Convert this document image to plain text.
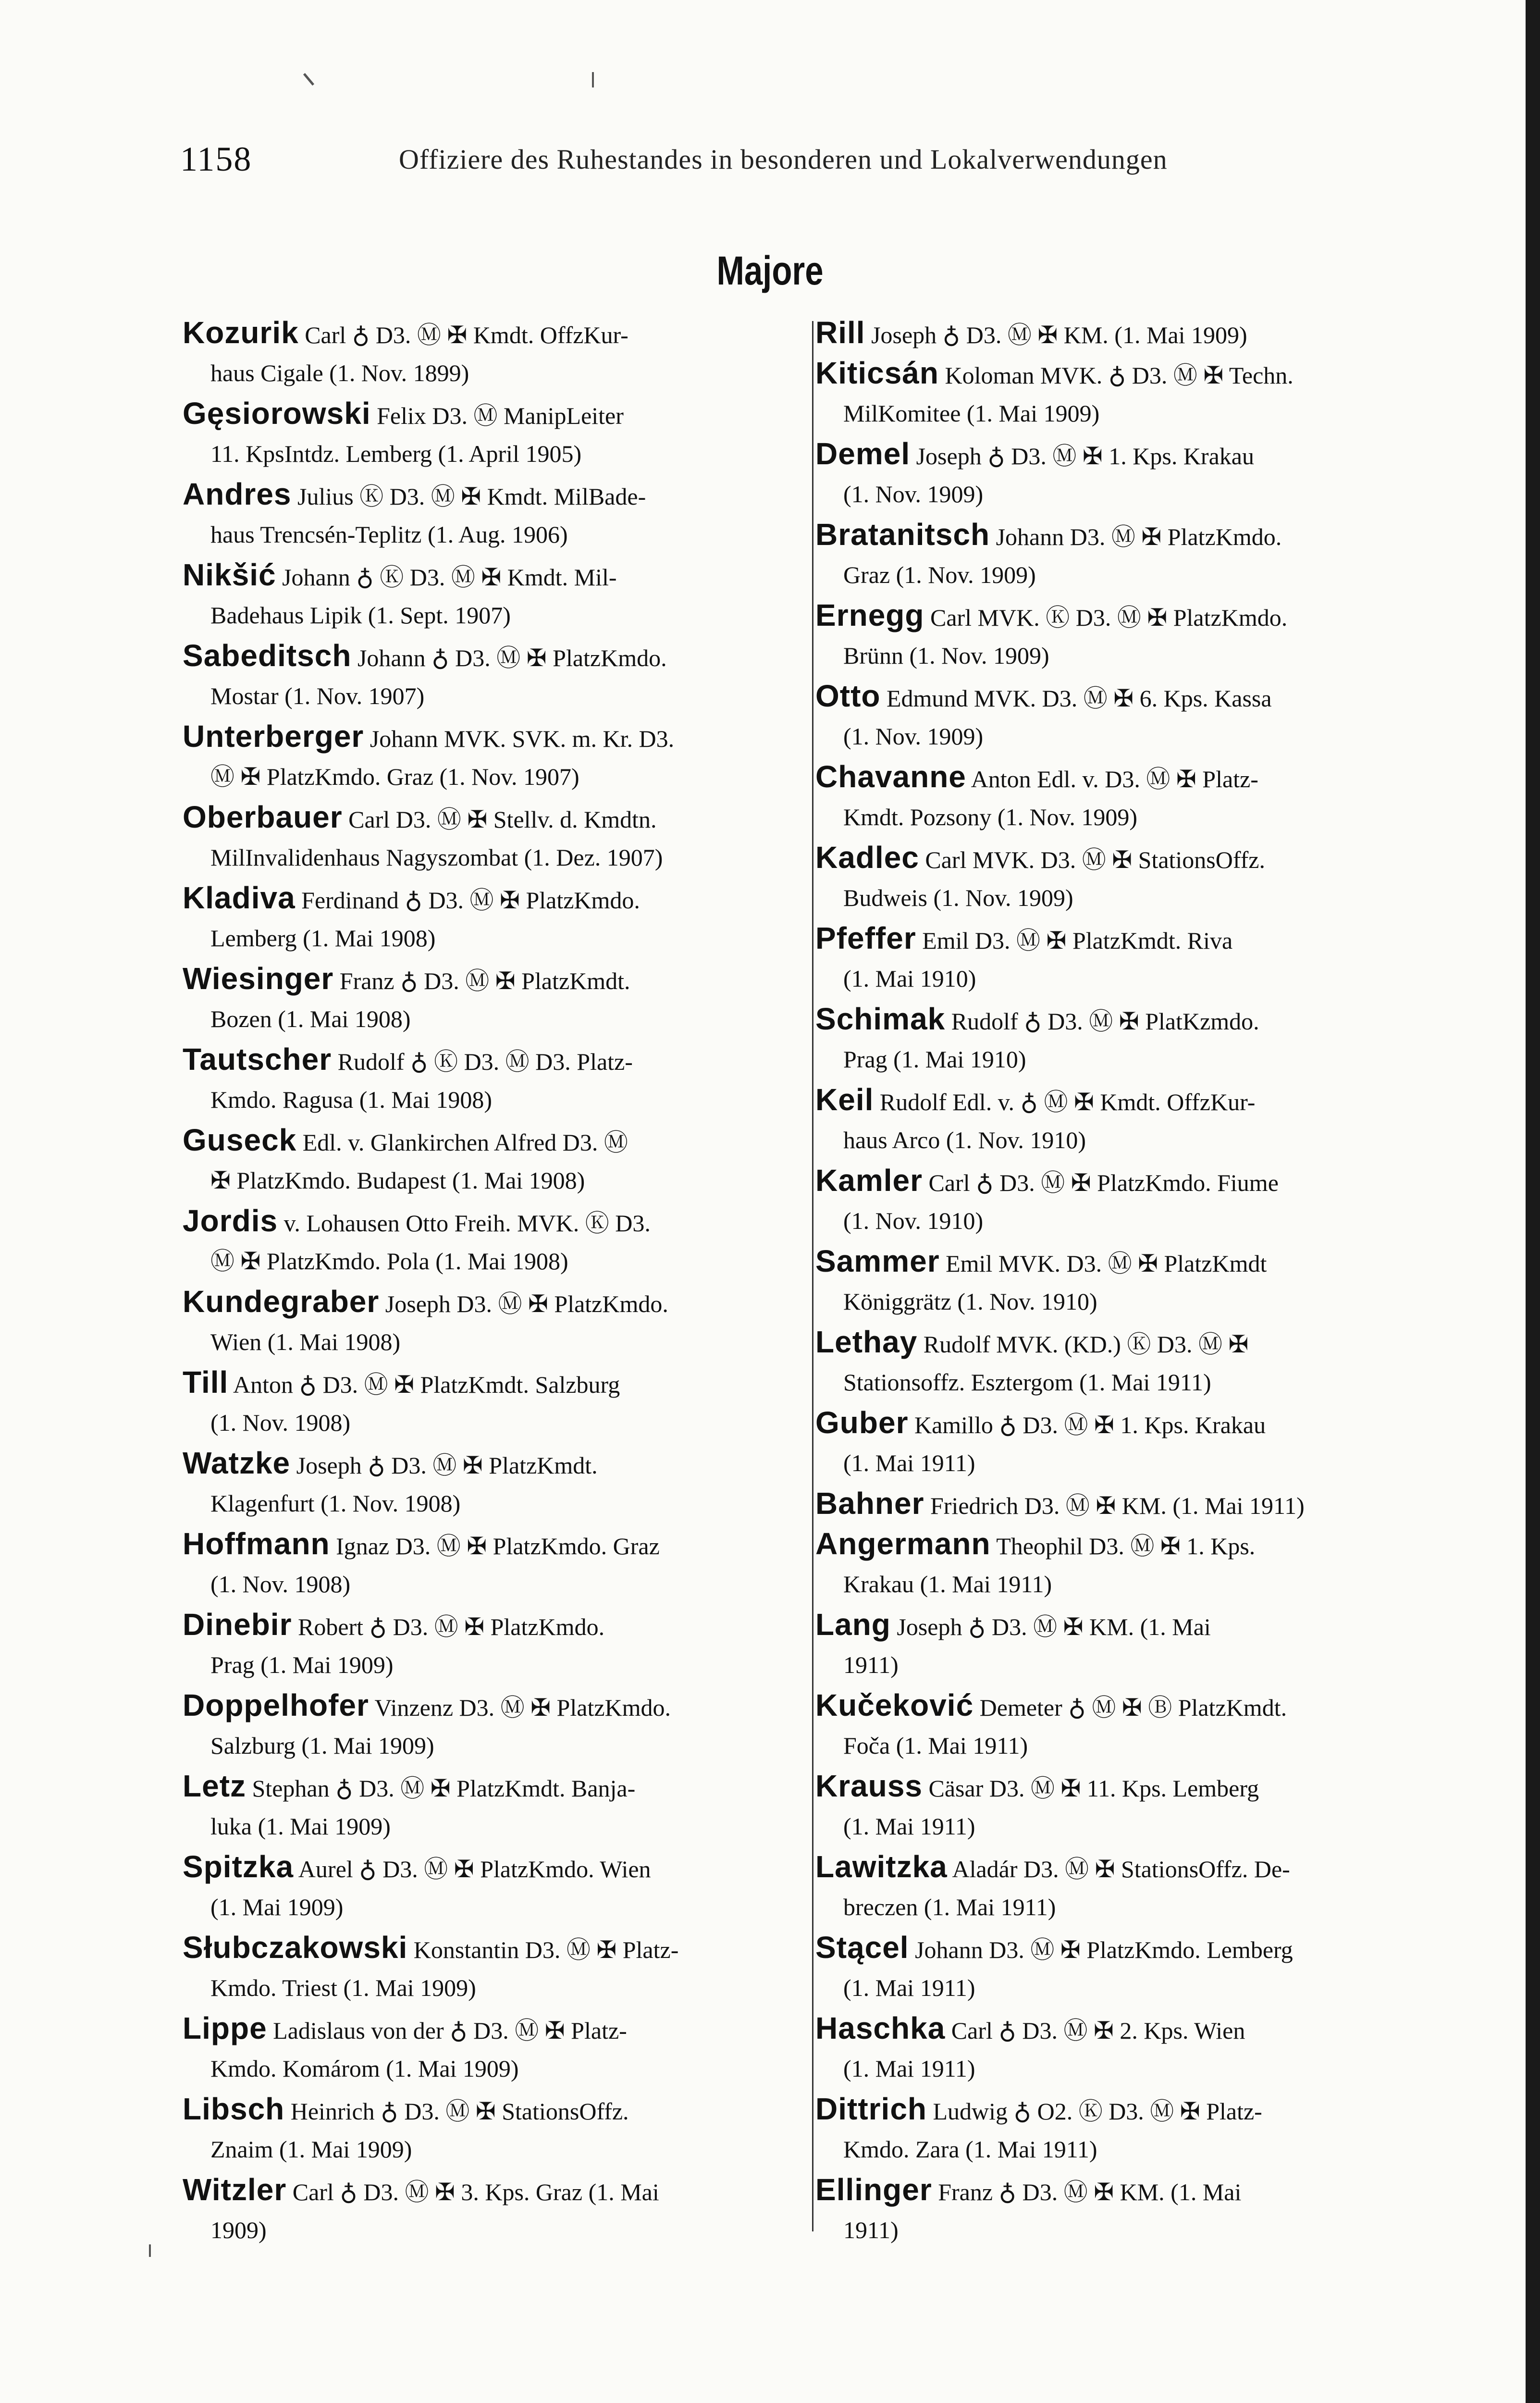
1158	Offiziere des Ruhestandes in besonderen und Lokalverwendungen
Majore
Kozurik Carl ♁ D3. Ⓜ ✠ Kmdt. OffzKur-
haus Cigale (1. Nov. 1899)
Gęsiorowski Felix D3. Ⓜ ManipLeiter
11. KpsIntdz. Lemberg (1. April 1905)
Andres Julius Ⓚ D3. Ⓜ ✠ Kmdt. MilBade-
haus Trencsén-Teplitz (1. Aug. 1906)
Nikšić Johann ♁ Ⓚ D3. Ⓜ ✠ Kmdt. Mil-
Badehaus Lipik (1. Sept. 1907)
Sabeditsch Johann ♁ D3. Ⓜ ✠ PlatzKmdo.
Mostar (1. Nov. 1907)
Unterberger Johann MVK. SVK. m. Kr. D3.
Ⓜ ✠ PlatzKmdo. Graz (1. Nov. 1907)
Oberbauer Carl D3. Ⓜ ✠ Stellv. d. Kmdtn.
MilInvalidenhaus Nagyszombat (1. Dez. 1907)
Kladiva Ferdinand ♁ D3. Ⓜ ✠ PlatzKmdo.
Lemberg (1. Mai 1908)
Wiesinger Franz ♁ D3. Ⓜ ✠ PlatzKmdt.
Bozen (1. Mai 1908)
Tautscher Rudolf ♁ Ⓚ D3. Ⓜ D3. Platz-
Kmdo. Ragusa (1. Mai 1908)
Guseck Edl. v. Glankirchen Alfred D3. Ⓜ
✠ PlatzKmdo. Budapest (1. Mai 1908)
Jordis v. Lohausen Otto Freih. MVK. Ⓚ D3.
Ⓜ ✠ PlatzKmdo. Pola (1. Mai 1908)
Kundegraber Joseph D3. Ⓜ ✠ PlatzKmdo.
Wien (1. Mai 1908)
Till Anton ♁ D3. Ⓜ ✠ PlatzKmdt. Salzburg
(1. Nov. 1908)
Watzke Joseph ♁ D3. Ⓜ ✠ PlatzKmdt.
Klagenfurt (1. Nov. 1908)
Hoffmann Ignaz D3. Ⓜ ✠ PlatzKmdo. Graz
(1. Nov. 1908)
Dinebir Robert ♁ D3. Ⓜ ✠ PlatzKmdo.
Prag (1. Mai 1909)
Doppelhofer Vinzenz D3. Ⓜ ✠ PlatzKmdo.
Salzburg (1. Mai 1909)
Letz Stephan ♁ D3. Ⓜ ✠ PlatzKmdt. Banja-
luka (1. Mai 1909)
Spitzka Aurel ♁ D3. Ⓜ ✠ PlatzKmdo. Wien
(1. Mai 1909)
Słubczakowski Konstantin D3. Ⓜ ✠ Platz-
Kmdo. Triest (1. Mai 1909)
Lippe Ladislaus von der ♁ D3. Ⓜ ✠ Platz-
Kmdo. Komárom (1. Mai 1909)
Libsch Heinrich ♁ D3. Ⓜ ✠ StationsOffz.
Znaim (1. Mai 1909)
Witzler Carl ♁ D3. Ⓜ ✠ 3. Kps. Graz (1. Mai
1909)
Rill Joseph ♁ D3. Ⓜ ✠ KM. (1. Mai 1909)
Kiticsán Koloman MVK. ♁ D3. Ⓜ ✠ Techn.
MilKomitee (1. Mai 1909)
Demel Joseph ♁ D3. Ⓜ ✠ 1. Kps. Krakau
(1. Nov. 1909)
Bratanitsch Johann D3. Ⓜ ✠ PlatzKmdo.
Graz (1. Nov. 1909)
Ernegg Carl MVK. Ⓚ D3. Ⓜ ✠ PlatzKmdo.
Brünn (1. Nov. 1909)
Otto Edmund MVK. D3. Ⓜ ✠ 6. Kps. Kassa
(1. Nov. 1909)
Chavanne Anton Edl. v. D3. Ⓜ ✠ Platz-
Kmdt. Pozsony (1. Nov. 1909)
Kadlec Carl MVK. D3. Ⓜ ✠ StationsOffz.
Budweis (1. Nov. 1909)
Pfeffer Emil D3. Ⓜ ✠ PlatzKmdt. Riva
(1. Mai 1910)
Schimak Rudolf ♁ D3. Ⓜ ✠ PlatKzmdo.
Prag (1. Mai 1910)
Keil Rudolf Edl. v. ♁ Ⓜ ✠ Kmdt. OffzKur-
haus Arco (1. Nov. 1910)
Kamler Carl ♁ D3. Ⓜ ✠ PlatzKmdo. Fiume
(1. Nov. 1910)
Sammer Emil MVK. D3. Ⓜ ✠ PlatzKmdt
Königgrätz (1. Nov. 1910)
Lethay Rudolf MVK. (KD.) Ⓚ D3. Ⓜ ✠
Stationsoffz. Esztergom (1. Mai 1911)
Guber Kamillo ♁ D3. Ⓜ ✠ 1. Kps. Krakau
(1. Mai 1911)
Bahner Friedrich D3. Ⓜ ✠ KM. (1. Mai 1911)
Angermann Theophil D3. Ⓜ ✠ 1. Kps.
Krakau (1. Mai 1911)
Lang Joseph ♁ D3. Ⓜ ✠ KM. (1. Mai
1911)
Kučeković Demeter ♁ Ⓜ ✠ Ⓑ PlatzKmdt.
Foča (1. Mai 1911)
Krauss Cäsar D3. Ⓜ ✠ 11. Kps. Lemberg
(1. Mai 1911)
Lawitzka Aladár D3. Ⓜ ✠ StationsOffz. De-
breczen (1. Mai 1911)
Stącel Johann D3. Ⓜ ✠ PlatzKmdo. Lemberg
(1. Mai 1911)
Haschka Carl ♁ D3. Ⓜ ✠ 2. Kps. Wien
(1. Mai 1911)
Dittrich Ludwig ♁ O2. Ⓚ D3. Ⓜ ✠ Platz-
Kmdo. Zara (1. Mai 1911)
Ellinger Franz ♁ D3. Ⓜ ✠ KM. (1. Mai
1911)
